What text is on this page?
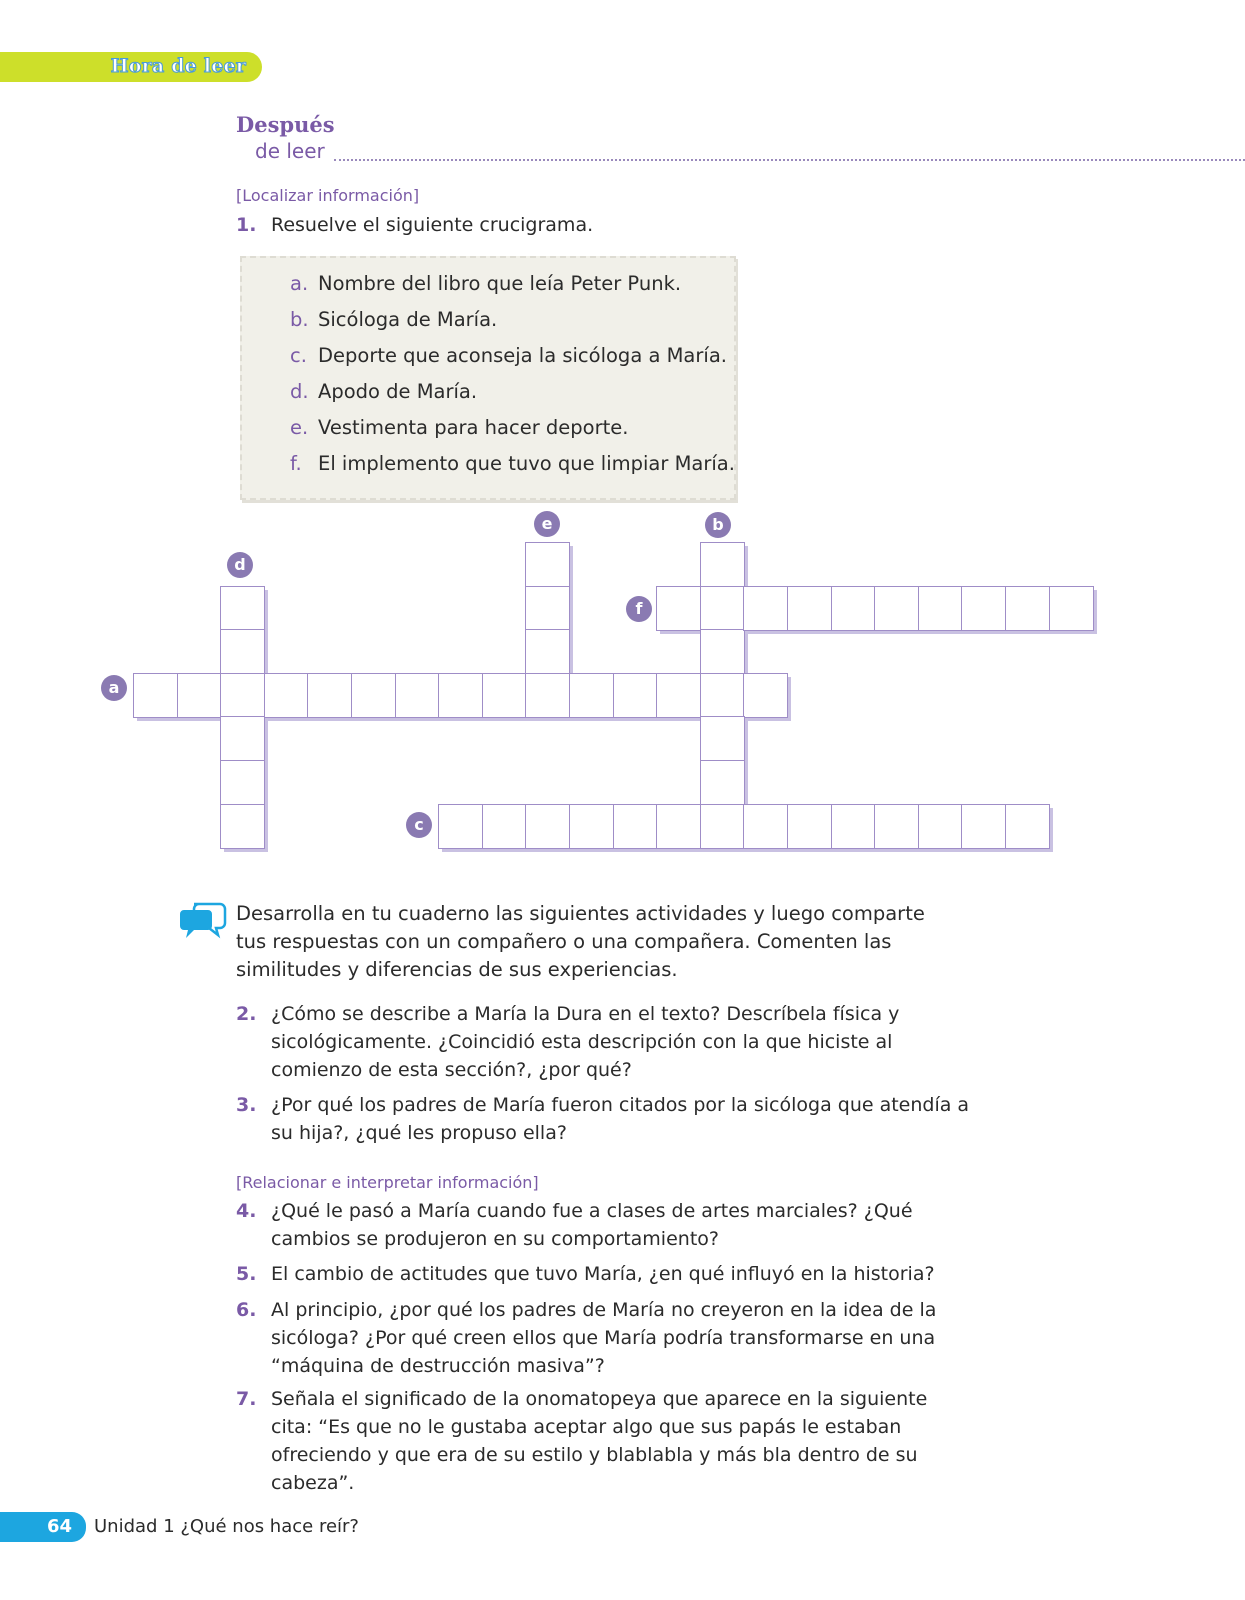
Hora de leer
Después
de leer
[Localizar información]
1. Resuelve el siguiente crucigrama.
a. Nombre del libro que leía Peter Punk.
b. Sicóloga de María.
c. Deporte que aconseja la sicóloga a María.
d. Apodo de María.
e. Vestimenta para hacer deporte.
f. El implemento que tuvo que limpiar María.
a
b
c
d
e
f
Desarrolla en tu cuaderno las siguientes actividades y luego comparte tus respuestas con un compañero o una compañera. Comenten las similitudes y diferencias de sus experiencias.
2. ¿Cómo se describe a María la Dura en el texto? Descríbela física y sicológicamente. ¿Coincidió esta descripción con la que hiciste al comienzo de esta sección?, ¿por qué?
3. ¿Por qué los padres de María fueron citados por la sicóloga que atendía a su hija?, ¿qué les propuso ella?
[Relacionar e interpretar información]
4. ¿Qué le pasó a María cuando fue a clases de artes marciales? ¿Qué cambios se produjeron en su comportamiento?
5. El cambio de actitudes que tuvo María, ¿en qué influyó en la historia?
6. Al principio, ¿por qué los padres de María no creyeron en la idea de la sicóloga? ¿Por qué creen ellos que María podría transformarse en una “máquina de destrucción masiva”?
7. Señala el significado de la onomatopeya que aparece en la siguiente cita: “Es que no le gustaba aceptar algo que sus papás le estaban ofreciendo y que era de su estilo y blablabla y más bla dentro de su cabeza”.
64 Unidad 1 ¿Qué nos hace reír?
